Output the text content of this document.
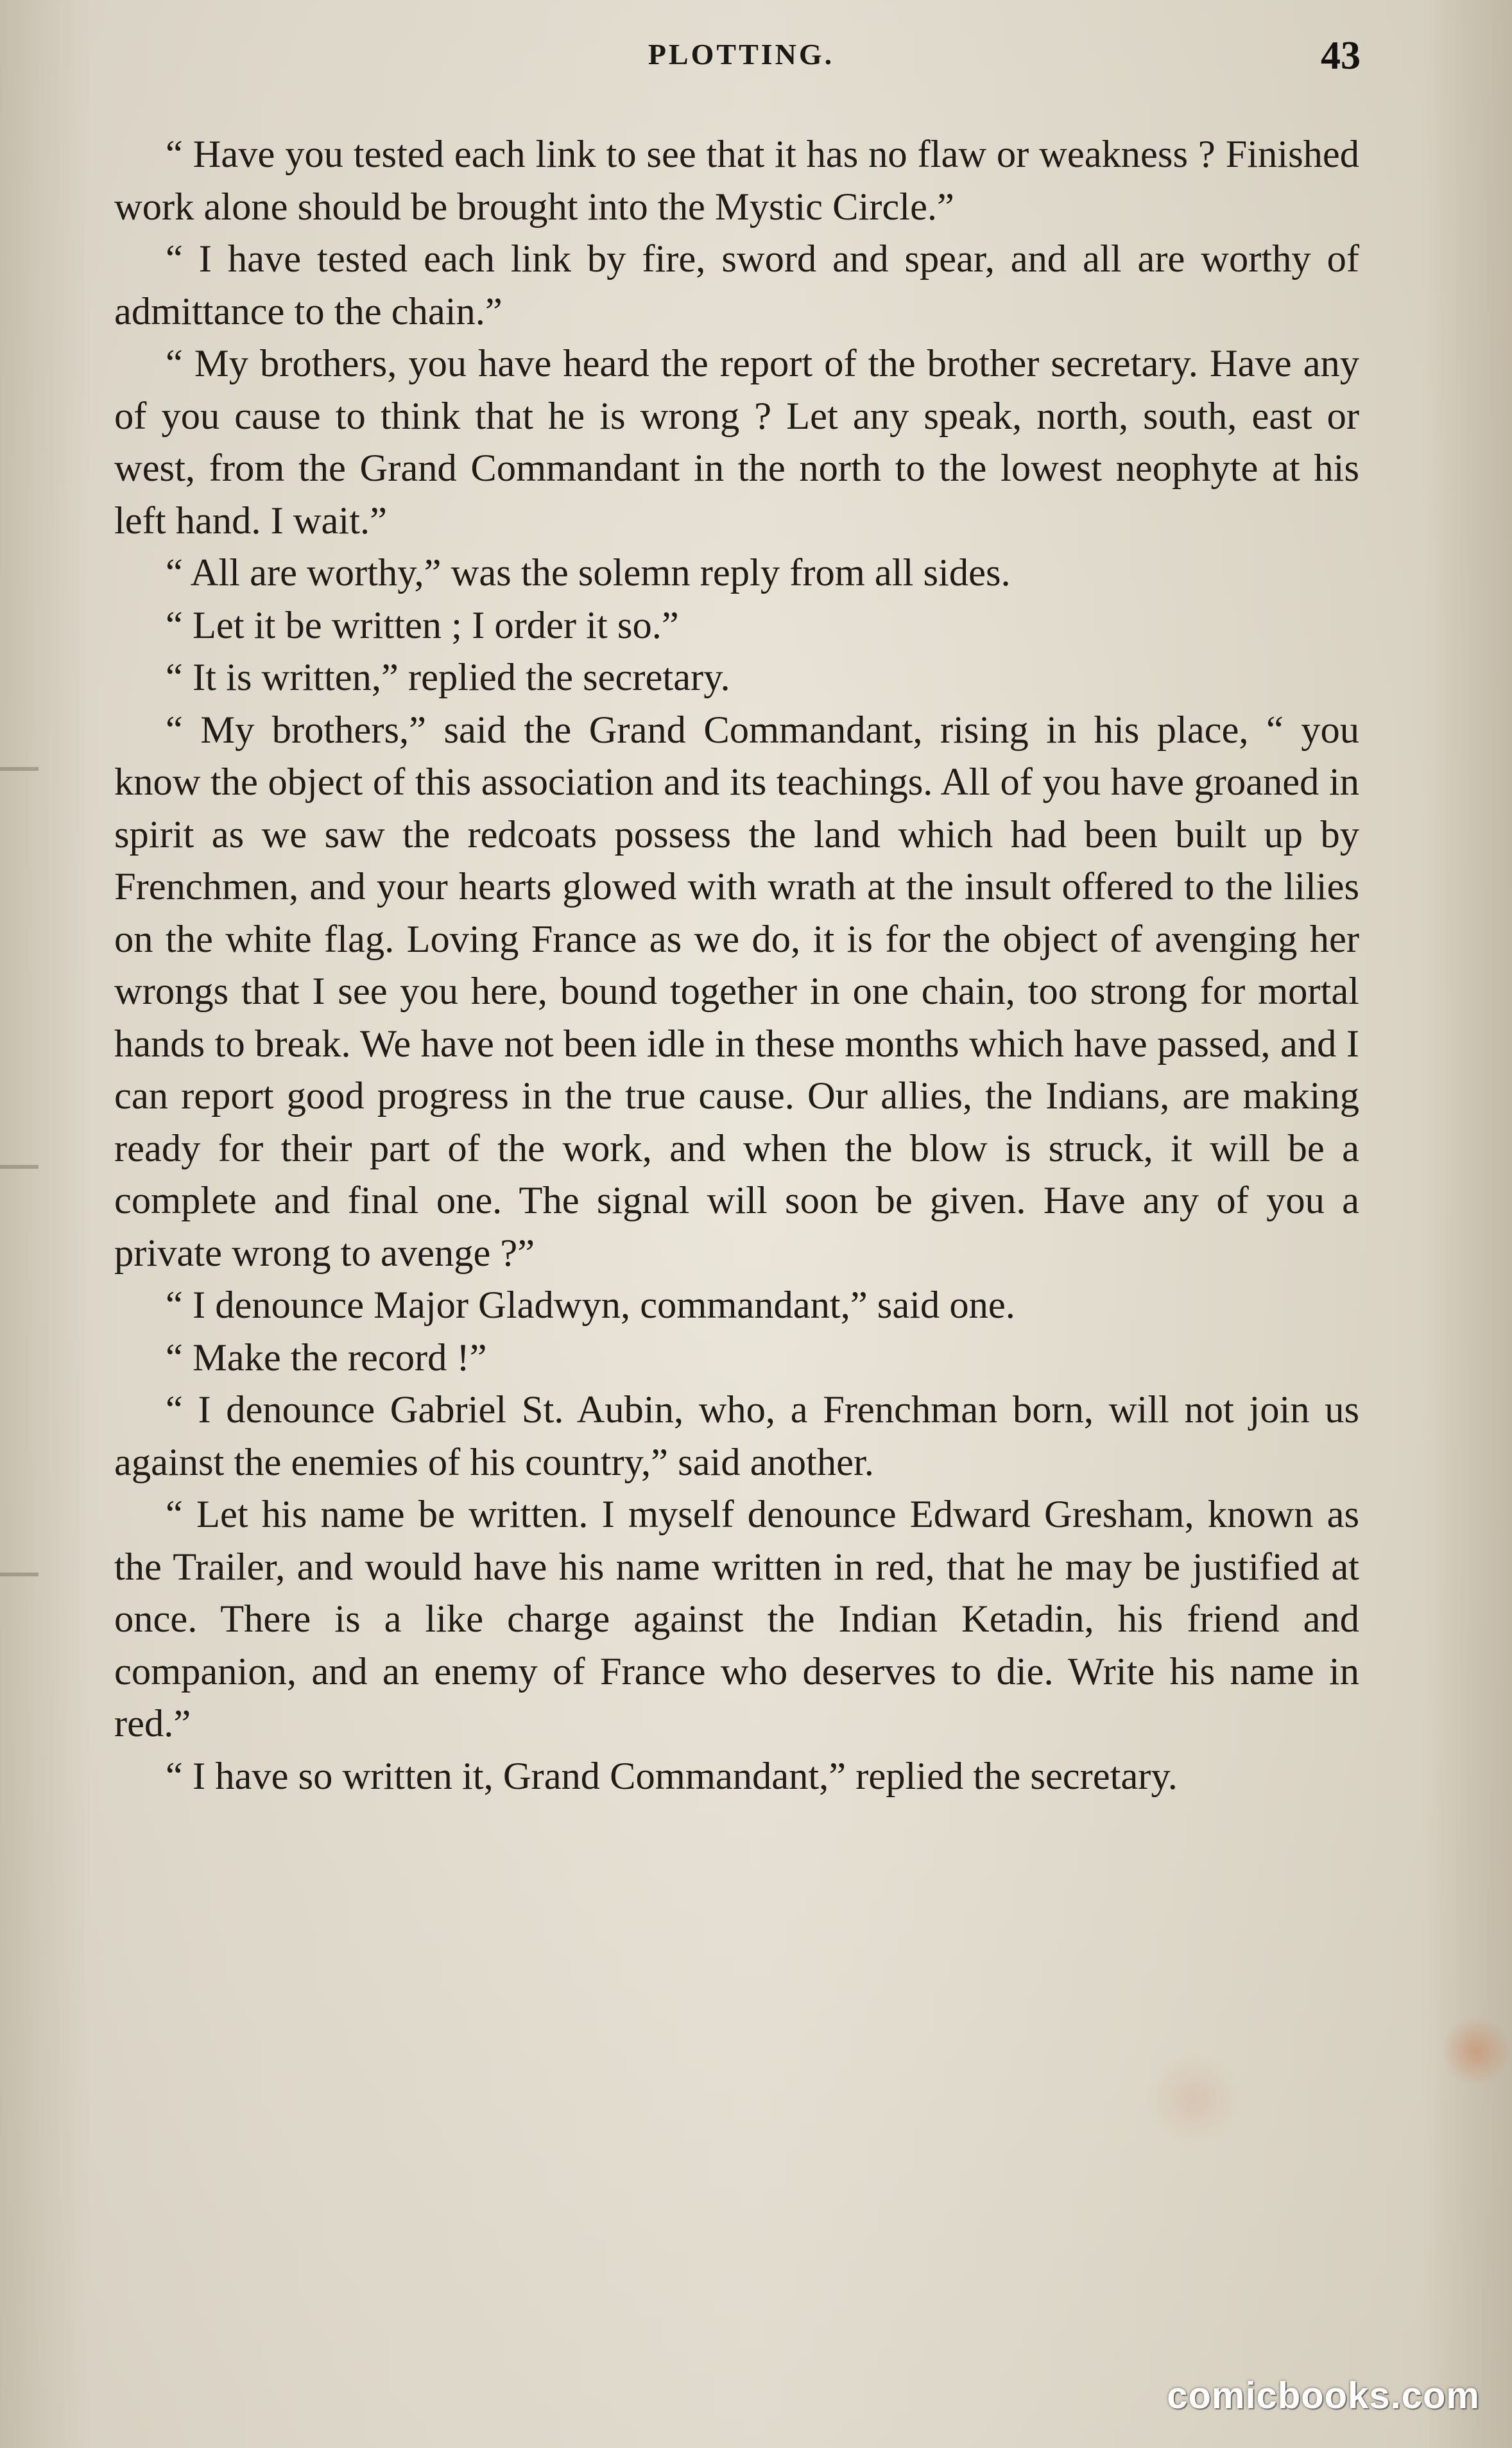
PLOTTING.	43

“ Have you tested each link to see that it has no flaw or weakness ? Finished work alone should be brought into the Mystic Circle.”

“ I have tested each link by fire, sword and spear, and all are worthy of admittance to the chain.”

“ My brothers, you have heard the report of the brother secretary. Have any of you cause to think that he is wrong ? Let any speak, north, south, east or west, from the Grand Commandant in the north to the lowest neophyte at his left hand. I wait.”

“ All are worthy,” was the solemn reply from all sides.

“ Let it be written ; I order it so.”

“ It is written,” replied the secretary.

“ My brothers,” said the Grand Commandant, rising in his place, “ you know the object of this association and its teachings. All of you have groaned in spirit as we saw the redcoats possess the land which had been built up by Frenchmen, and your hearts glowed with wrath at the insult offered to the lilies on the white flag. Loving France as we do, it is for the object of avenging her wrongs that I see you here, bound together in one chain, too strong for mortal hands to break. We have not been idle in these months which have passed, and I can report good progress in the true cause. Our allies, the Indians, are making ready for their part of the work, and when the blow is struck, it will be a complete and final one. The signal will soon be given. Have any of you a private wrong to avenge ?”

“ I denounce Major Gladwyn, commandant,” said one.

“ Make the record !”

“ I denounce Gabriel St. Aubin, who, a Frenchman born, will not join us against the enemies of his country,” said another.

“ Let his name be written. I myself denounce Edward Gresham, known as the Trailer, and would have his name written in red, that he may be justified at once. There is a like charge against the Indian Ketadin, his friend and companion, and an enemy of France who deserves to die. Write his name in red.”

“ I have so written it, Grand Commandant,” replied the secretary.

comicbooks.com
